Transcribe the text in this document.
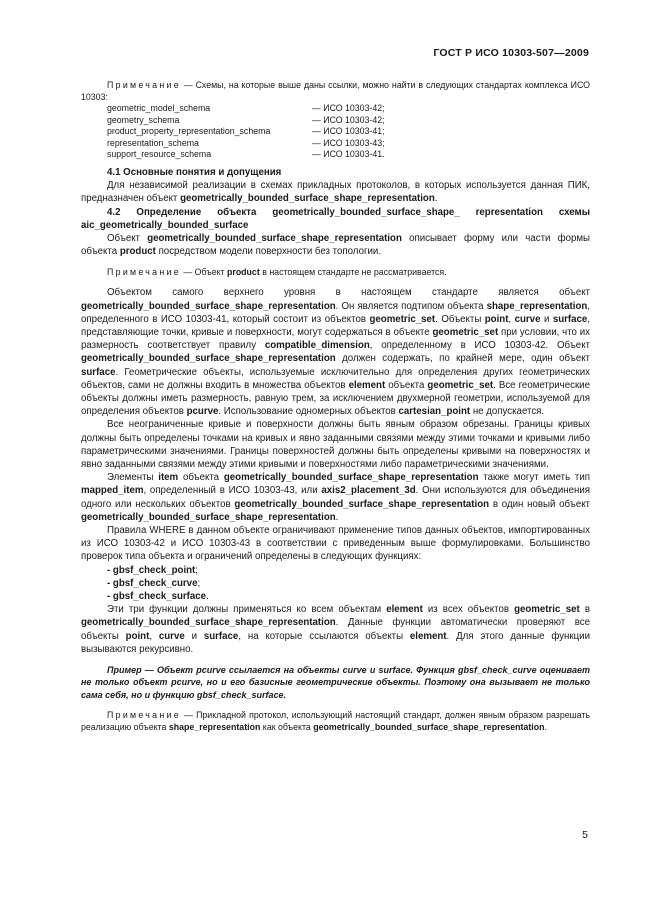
ГОСТ Р ИСО 10303-507—2009

Примечание — Схемы, на которые выше даны ссылки, можно найти в следующих стандартах комплекса ИСО 10303:

geometric_model_schema	— ИСО 10303-42;
geometry_schema	— ИСО 10303-42;
product_property_representation_schema	— ИСО 10303-41;
representation_schema	— ИСО 10303-43;
support_resource_schema	— ИСО 10303-41.

4.1 Основные понятия и допущения

Для независимой реализации в схемах прикладных протоколов, в которых используется данная ПИК, предназначен объект geometrically_bounded_surface_shape_representation.

4.2 Определение объекта geometrically_bounded_surface_shape_ representation схемы aic_geometrically_bounded_surface

Объект geometrically_bounded_surface_shape_representation описывает форму или части формы объекта product посредством модели поверхности без топологии.

Примечание — Объект product в настоящем стандарте не рассматривается.

Объектом самого верхнего уровня в настоящем стандарте является объект geometrically_bounded_surface_shape_representation. Он является подтипом объекта shape_representation, определенного в ИСО 10303-41, который состоит из объектов geometric_set. Объекты point, curve и surface, представляющие точки, кривые и поверхности, могут содержаться в объекте geometric_set при условии, что их размерность соответствует правилу compatible_dimension, определенному в ИСО 10303-42. Объект geometrically_bounded_surface_shape_representation должен содержать, по крайней мере, один объект surface. Геометрические объекты, используемые исключительно для определения других геометрических объектов, сами не должны входить в множества объектов element объекта geometric_set. Все геометрические объекты должны иметь размерность, равную трем, за исключением двухмерной геометрии, используемой для определения объектов pcurve. Использование одномерных объектов cartesian_point не допускается.

Все неограниченные кривые и поверхности должны быть явным образом обрезаны. Границы кривых должны быть определены точками на кривых и явно заданными связями между этими точками и кривыми либо параметрическими значениями. Границы поверхностей должны быть определены кривыми на поверхностях и явно заданными связями между этими кривыми и поверхностями либо параметрическими значениями.

Элементы item объекта geometrically_bounded_surface_shape_representation также могут иметь тип mapped_item, определенный в ИСО 10303-43, или axis2_placement_3d. Они используются для объединения одного или нескольких объектов geometrically_bounded_surface_shape_representation в один новый объект geometrically_bounded_surface_shape_representation.

Правила WHERE в данном объекте ограничивают применение типов данных объектов, импортированных из ИСО 10303-42 и ИСО 10303-43 в соответствии с приведенным выше формулировками. Большинство проверок типа объекта и ограничений определены в следующих функциях:

- gbsf_check_point;
- gbsf_check_curve;
- gbsf_check_surface.

Эти три функции должны применяться ко всем объектам element из всех объектов geometric_set в geometrically_bounded_surface_shape_representation. Данные функции автоматически проверяют все объекты point, curve и surface, на которые ссылаются объекты element. Для этого данные функции вызываются рекурсивно.

Пример — Объект pcurve ссылается на объекты curve и surface. Функция gbsf_check_curve оценивает не только объект pcurve, но и его базисные геометрические объекты. Поэтому она вызывает не только сама себя, но и функцию gbsf_check_surface.

Примечание — Прикладной протокол, использующий настоящий стандарт, должен явным образом разрешать реализацию объекта shape_representation как объекта geometrically_bounded_surface_shape_representation.

5
